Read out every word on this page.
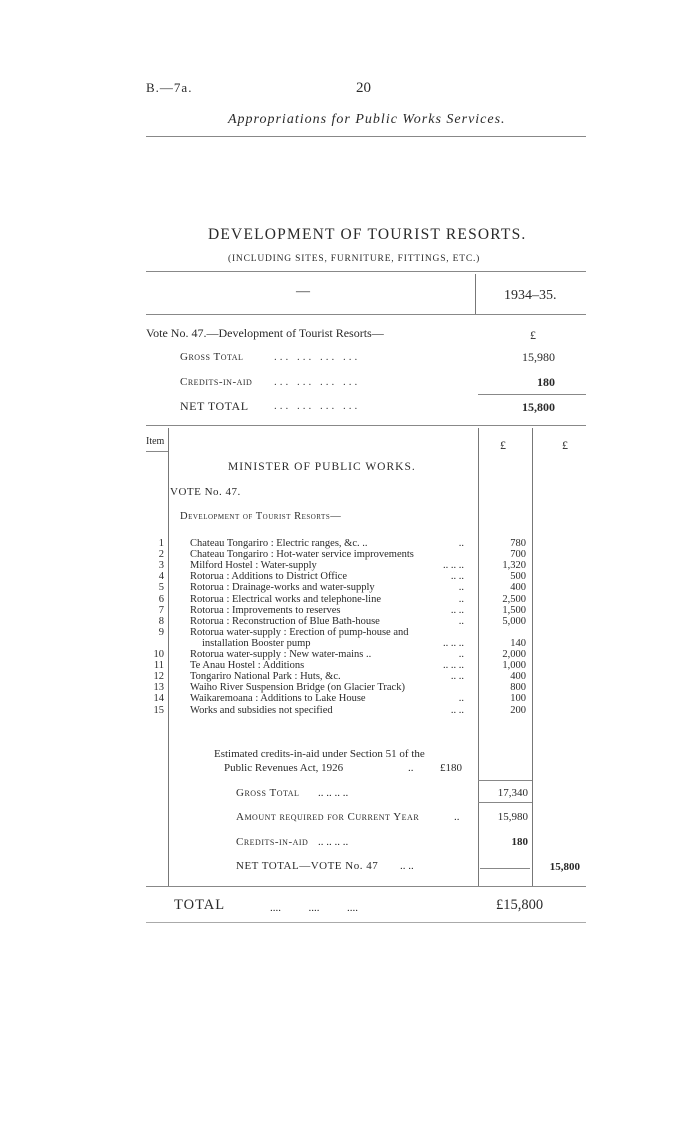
B.—7a.	20
Appropriations for Public Works Services.
DEVELOPMENT OF TOURIST RESORTS.
(INCLUDING SITES, FURNITURE, FITTINGS, ETC.)
—	1934–35.
Vote No. 47.—Development of Tourist Resorts—	£
Gross Total	... ... ... ...	15,980
Credits-in-aid ... ... ... ...	180
NET TOTAL ... ... ... ...	15,800
Item	£	£
MINISTER OF PUBLIC WORKS.
VOTE No. 47.
Development of Tourist Resorts—
1 Chateau Tongariro : Electric ranges, &c. ..	..	780
2 Chateau Tongariro : Hot-water service improvements	700
3 Milford Hostel : Water-supply	.. .. ..	1,320
4 Rotorua : Additions to District Office	.. ..	500
5 Rotorua : Drainage-works and water-supply	..	400
6 Rotorua : Electrical works and telephone-line	..	2,500
7 Rotorua : Improvements to reserves	.. ..	1,500
8 Rotorua : Reconstruction of Blue Bath-house	..	5,000
9 Rotorua water-supply : Erection of pump-house and
installation Booster pump	.. .. ..	140
10 Rotorua water-supply : New water-mains ..	..	2,000
11 Te Anau Hostel : Additions	.. .. ..	1,000
12 Tongariro National Park : Huts, &c.	.. ..	400
13 Waiho River Suspension Bridge (on Glacier Track)	800
14 Waikaremoana : Additions to Lake House	..	100
15 Works and subsidies not specified	.. ..	200
Estimated credits-in-aid under Section 51 of the
Public Revenues Act, 1926	.. £180
Gross Total .. .. .. ..	17,340
Amount required for Current Year	..	15,980
Credits-in-aid .. .. .. ..	180
NET TOTAL—VOTE No. 47 .. ..	15,800
TOTAL	....          ....          ....	£15,800
